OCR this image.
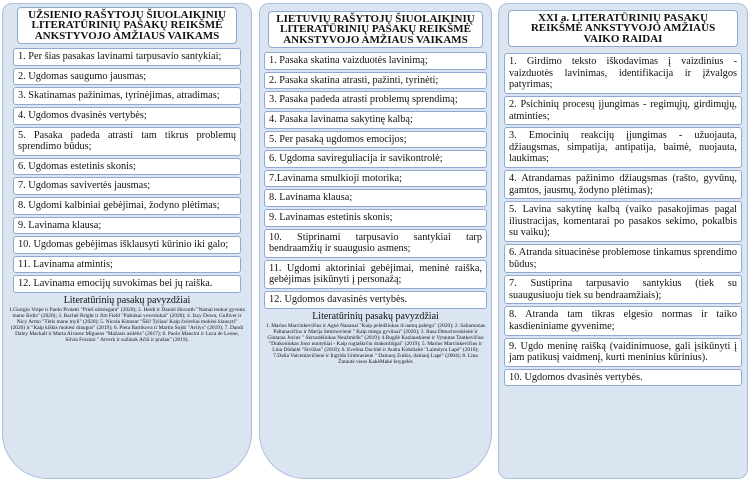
UŽSIENIO RAŠYTOJŲ ŠIUOLAIKINIŲ LITERATŪRINIŲ PASAKŲ REIKŠMĖ ANKSTYVOJO AMŽIAUS VAIKAMS
1. Per šias pasakas lavinami tarpusavio santykiai;
2. Ugdomas saugumo jausmas;
3. Skatinamas pažinimas, tyrinėjimas, atradimas;
4. Ugdomos dvasinės vertybės;
5. Pasaka padeda atrasti tam tikrus problemų sprendimo būdus;
6. Ugdomas estetinis skonis;
7. Ugdomas savivertės jausmas;
8. Ugdomi kalbiniai gebėjimai, žodyno plėtimas;
9. Lavinama klausa;
10. Ugdomas gebėjimas išklausyti kūrinio iki galo;
11. Lavinama atmintis;
12. Lavinama emocijų suvokimas bei jų raiška.
Literatūrinių pasakų pavyzdžiai
1.Giorgio Volpe ir Paolo Proietti "Prieš užmiegant" (2020); 2. Heidi ir Daniel Hovarth "Namai tenkur gyvena mano širdis" (2020); 3. Rachel Bright ir Jim Field "Paštukai voveriukai" (2020); 4. Izzy Down, Gulliver ir Nicy Armo "Tėtis mane myli" (2020); 5. Nicola Kinnear "Ššš! Tyliau! Kaip žvėreliai mokėsi klausyti" (2020) ir "Kaip kiškis mokėsi draugus" (2019); 6. Pieta Bartikova ir Martin Sojdr "Avilys" (2019); 7. Dandi Daley Mackall ir Marta Alvarez Miguens "Mažasis asilėlis" (2017); 8. Paolo Mancini ir Luca de Leone, Silvia Forzani " Atverk ir sužinok Ačiū ir prašau" (2019).
LIETUVIŲ RAŠYTOJŲ ŠIUOLAIKINIŲ LITERATŪRINIŲ PASAKŲ REIKŠMĖ ANKSTYVOJO AMŽIAUS VAIKAMS
1. Pasaka skatina vaizduotės lavinimą;
2. Pasaka skatina atrasti, pažinti, tyrinėti;
3. Pasaka padeda atrasti problemų sprendimą;
4. Pasaka lavinama sakytinę kalbą;
5. Per pasaką ugdomos emocijos;
6. Ugdoma savireguliacija ir savikontrolė;
7.Lavinama smulkioji motorika;
8. Lavinama klausa;
9. Lavinamas estetinis skonis;
10. Stiprinami tarpusavio santykiai tarp bendraamžių ir suaugusio asmens;
11. Ugdomi aktoriniai gebėjimai, meninė raiška, gebėjimas įsikūnyti į personažą;
12. Ugdomos davasinės vertybės.
Literatūrinių pasakų pavyzdžiai
1. Marius Marcinkevičius ir Agnė Nananai "Kaip pelėdžiukas iš namų pabėgo" (2020); 2. Saliamonas Paltanavičius ir Marija Smirnovienė " Kaip miega gyvūnai" (2020); 3. Rasa Dmuchovskienė ir Gintaras Jocius " Skruzdėliukas Neužmiršk" (2019); 4.Rugilė Kazlauskienė ir Vytautas Tautkevičius "Drakoniukas Jono nuotykiai - Kaip rugiaškrčiu drakonliūgai" (2019); 5. Marius Marcinkevičius ir Lina Dūdaitė "Sivūžas" (2018); 6. Evelina Daciūtė ir Aušra Kiduliaitė "Laimėyra Lapė" (2016); 7.Dalia Vaiceniavičienė ir Ingrida Umbrasienė " Dainuoj Zuikis, dainuoj Lapė" (2004); 8. Lina Žutautė visos KakėMakė knygelės
XXI a. LITERATŪRINIŲ PASAKŲ REIKŠMĖ ANKSTYVOJO AMŽIAUS VAIKO RAIDAI
1. Girdimo teksto iškodavimas į vaizdinius - vaizduotės lavinimas, identifikacija ir įžvalgos patyrimas;
2. Psichinių procesų įjungimas - regimųjų, girdimųjų, atminties;
3. Emocinių reakcijų įjungimas - užuojauta, džiaugsmas, simpatija, antipatija, baimė, nuojauta, laukimas;
4. Atrandamas pažinimo džiaugsmas (rašto, gyvūnų, gamtos, jausmų, žodyno plėtimas);
5. Lavina sakytinę kalbą (vaiko pasakojimas pagal iliustracijas, komentarai po pasakos sekimo, pokalbis su vaiku);
6. Atranda situacinėse problemose tinkamus sprendimo būdus;
7. Sustiprina tarpusavio santykius (tiek su suaugusiuoju tiek su bendraamžiais);
8. Atranda tam tikras elgesio normas ir taiko kasdieniniame gyvenime;
9. Ugdo meninę raišką (vaidinimuose, gali įsikūnyti į jam patikusį vaidmenį, kurti meninius kūrinius).
10. Ugdomos dvasinės vertybės.
